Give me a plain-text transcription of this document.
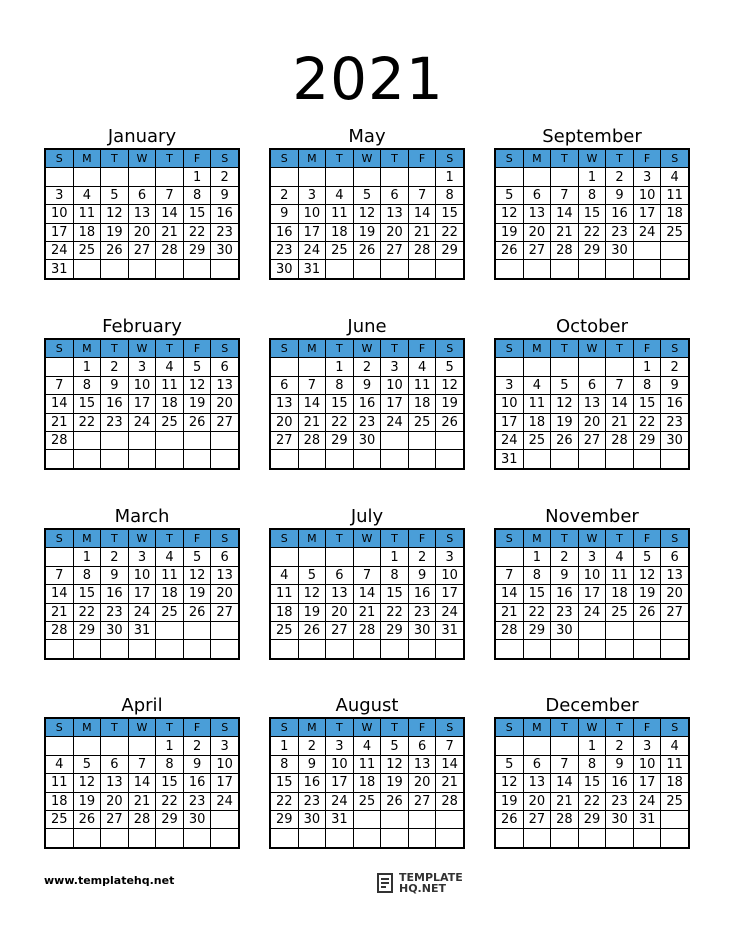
2021
January
S	M	T	W	T	F	S
					1	2
3	4	5	6	7	8	9
10	11	12	13	14	15	16
17	18	19	20	21	22	23
24	25	26	27	28	29	30
31						
May
S	M	T	W	T	F	S
						1
2	3	4	5	6	7	8
9	10	11	12	13	14	15
16	17	18	19	20	21	22
23	24	25	26	27	28	29
30	31					
September
S	M	T	W	T	F	S
			1	2	3	4
5	6	7	8	9	10	11
12	13	14	15	16	17	18
19	20	21	22	23	24	25
26	27	28	29	30		

February
S	M	T	W	T	F	S
	1	2	3	4	5	6
7	8	9	10	11	12	13
14	15	16	17	18	19	20
21	22	23	24	25	26	27
28						

June
S	M	T	W	T	F	S
		1	2	3	4	5
6	7	8	9	10	11	12
13	14	15	16	17	18	19
20	21	22	23	24	25	26
27	28	29	30			

October
S	M	T	W	T	F	S
					1	2
3	4	5	6	7	8	9
10	11	12	13	14	15	16
17	18	19	20	21	22	23
24	25	26	27	28	29	30
31						
March
S	M	T	W	T	F	S
	1	2	3	4	5	6
7	8	9	10	11	12	13
14	15	16	17	18	19	20
21	22	23	24	25	26	27
28	29	30	31			

July
S	M	T	W	T	F	S
				1	2	3
4	5	6	7	8	9	10
11	12	13	14	15	16	17
18	19	20	21	22	23	24
25	26	27	28	29	30	31

November
S	M	T	W	T	F	S
	1	2	3	4	5	6
7	8	9	10	11	12	13
14	15	16	17	18	19	20
21	22	23	24	25	26	27
28	29	30				

April
S	M	T	W	T	F	S
				1	2	3
4	5	6	7	8	9	10
11	12	13	14	15	16	17
18	19	20	21	22	23	24
25	26	27	28	29	30	

August
S	M	T	W	T	F	S
1	2	3	4	5	6	7
8	9	10	11	12	13	14
15	16	17	18	19	20	21
22	23	24	25	26	27	28
29	30	31				

December
S	M	T	W	T	F	S
			1	2	3	4
5	6	7	8	9	10	11
12	13	14	15	16	17	18
19	20	21	22	23	24	25
26	27	28	29	30	31	

www.templatehq.net	TEMPLATE
HQ.NET
